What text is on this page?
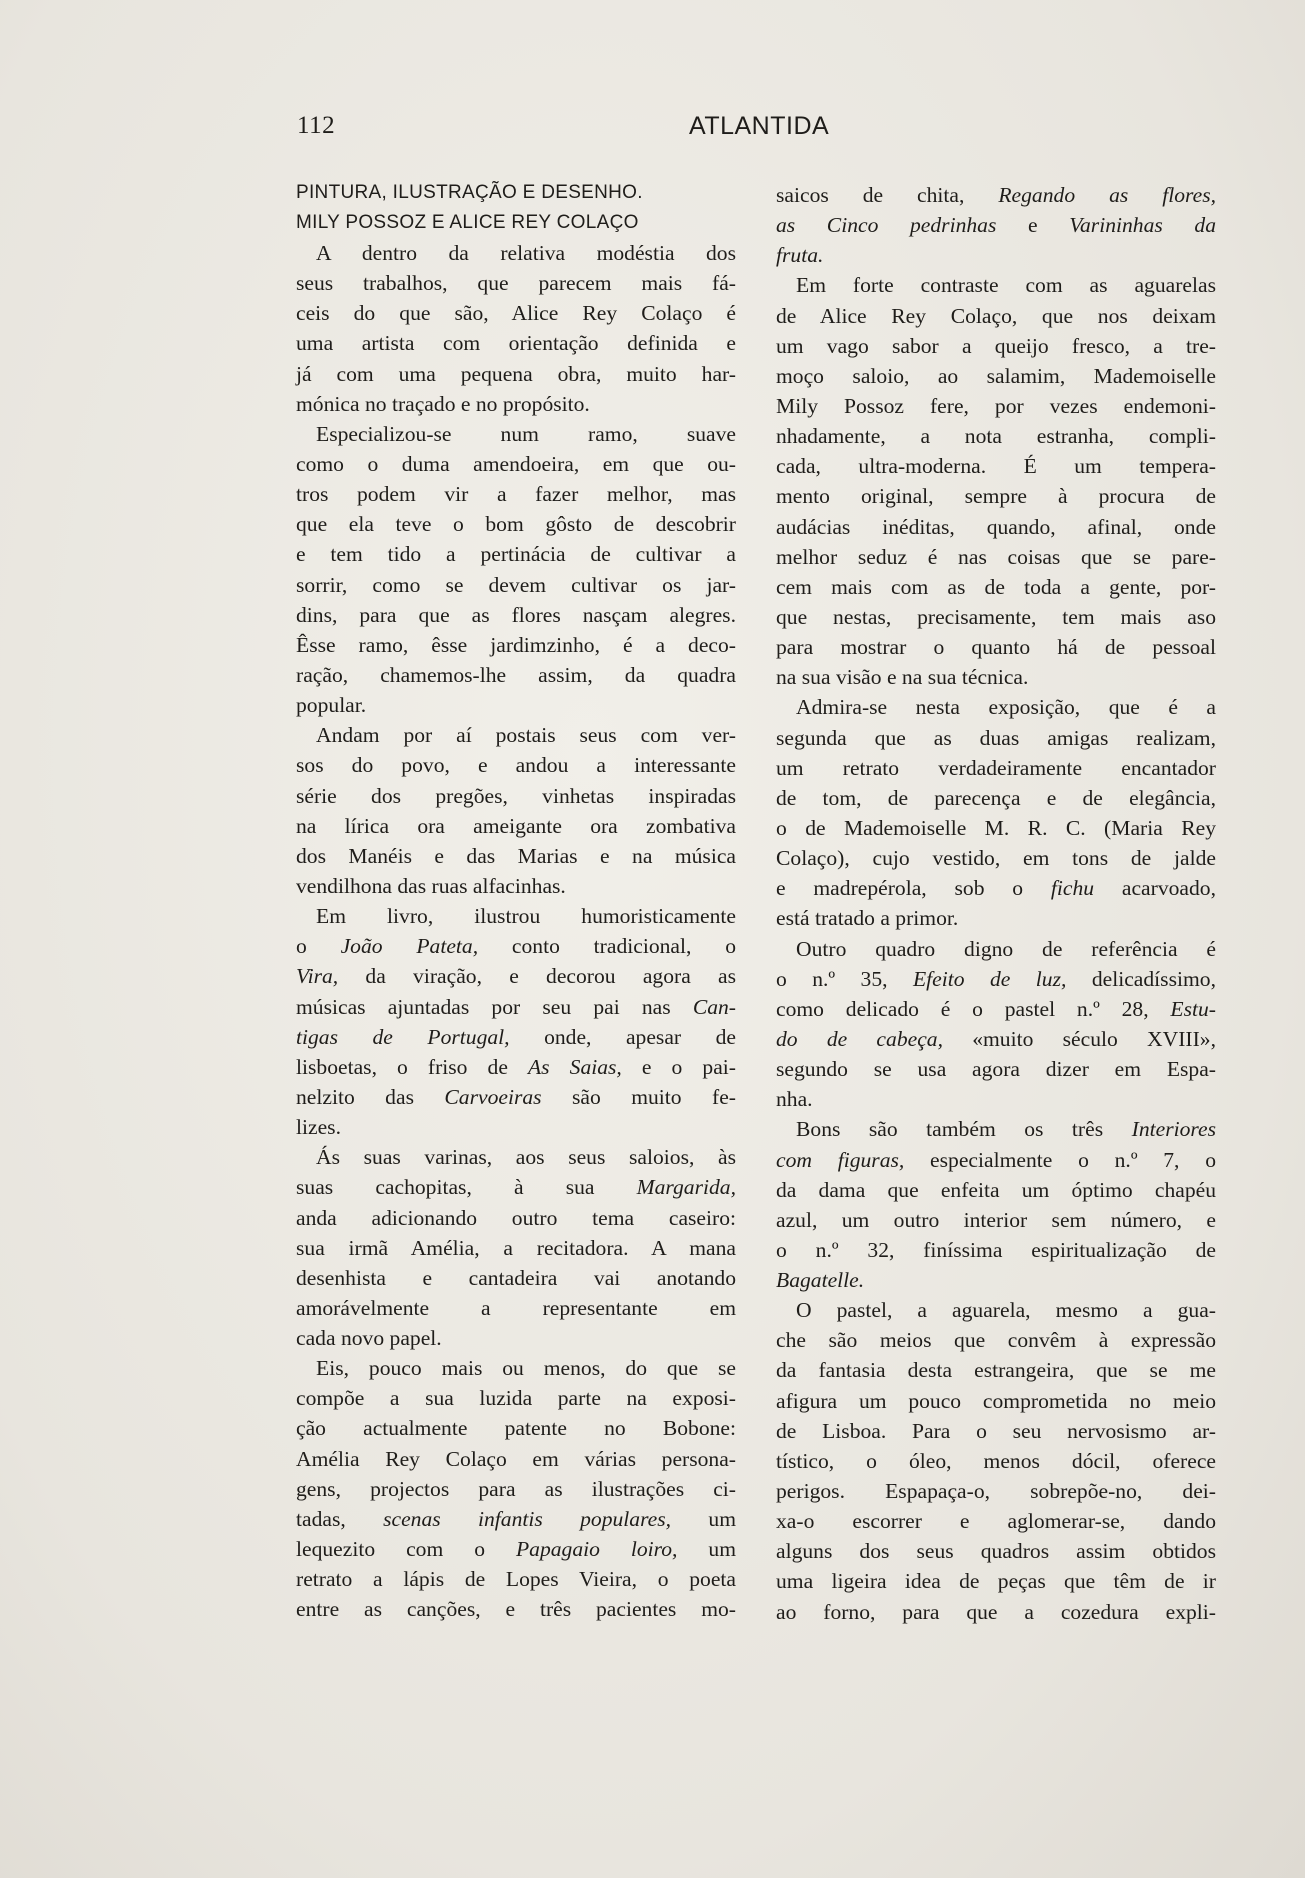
112	ATLANTIDA
PINTURA, ILUSTRAÇÃO E DESENHO.
MILY POSSOZ E ALICE REY COLAÇO
A dentro da relativa modéstia dos
seus trabalhos, que parecem mais fá-
ceis do que são, Alice Rey Colaço é
uma artista com orientação definida e
já com uma pequena obra, muito har-
mónica no traçado e no propósito.
Especializou-se num ramo, suave
como o duma amendoeira, em que ou-
tros podem vir a fazer melhor, mas
que ela teve o bom gôsto de descobrir
e tem tido a pertinácia de cultivar a
sorrir, como se devem cultivar os jar-
dins, para que as flores nasçam alegres.
Êsse ramo, êsse jardimzinho, é a deco-
ração, chamemos-lhe assim, da quadra
popular.
Andam por aí postais seus com ver-
sos do povo, e andou a interessante
série dos pregões, vinhetas inspiradas
na lírica ora ameigante ora zombativa
dos Manéis e das Marias e na música
vendilhona das ruas alfacinhas.
Em livro, ilustrou humoristicamente
o João Pateta, conto tradicional, o
Vira, da viração, e decorou agora as
músicas ajuntadas por seu pai nas Can-
tigas de Portugal, onde, apesar de
lisboetas, o friso de As Saias, e o pai-
nelzito das Carvoeiras são muito fe-
lizes.
Ás suas varinas, aos seus saloios, às
suas cachopitas, à sua Margarida,
anda adicionando outro tema caseiro:
sua irmã Amélia, a recitadora. A mana
desenhista e cantadeira vai anotando
amorávelmente a representante em
cada novo papel.
Eis, pouco mais ou menos, do que se
compõe a sua luzida parte na exposi-
ção actualmente patente no Bobone:
Amélia Rey Colaço em várias persona-
gens, projectos para as ilustrações ci-
tadas, scenas infantis populares, um
lequezito com o Papagaio loiro, um
retrato a lápis de Lopes Vieira, o poeta
entre as canções, e três pacientes mo-
saicos de chita, Regando as flores,
as Cinco pedrinhas e Varininhas da
fruta.
Em forte contraste com as aguarelas
de Alice Rey Colaço, que nos deixam
um vago sabor a queijo fresco, a tre-
moço saloio, ao salamim, Mademoiselle
Mily Possoz fere, por vezes endemoni-
nhadamente, a nota estranha, compli-
cada, ultra-moderna. É um tempera-
mento original, sempre à procura de
audácias inéditas, quando, afinal, onde
melhor seduz é nas coisas que se pare-
cem mais com as de toda a gente, por-
que nestas, precisamente, tem mais aso
para mostrar o quanto há de pessoal
na sua visão e na sua técnica.
Admira-se nesta exposição, que é a
segunda que as duas amigas realizam,
um retrato verdadeiramente encantador
de tom, de parecença e de elegância,
o de Mademoiselle M. R. C. (Maria Rey
Colaço), cujo vestido, em tons de jalde
e madrepérola, sob o fichu acarvoado,
está tratado a primor.
Outro quadro digno de referência é
o n.º 35, Efeito de luz, delicadíssimo,
como delicado é o pastel n.º 28, Estu-
do de cabeça, «muito século XVIII»,
segundo se usa agora dizer em Espa-
nha.
Bons são também os três Interiores
com figuras, especialmente o n.º 7, o
da dama que enfeita um óptimo chapéu
azul, um outro interior sem número, e
o n.º 32, finíssima espiritualização de
Bagatelle.
O pastel, a aguarela, mesmo a gua-
che são meios que convêm à expressão
da fantasia desta estrangeira, que se me
afigura um pouco comprometida no meio
de Lisboa. Para o seu nervosismo ar-
tístico, o óleo, menos dócil, oferece
perigos. Espapaça-o, sobrepõe-no, dei-
xa-o escorrer e aglomerar-se, dando
alguns dos seus quadros assim obtidos
uma ligeira idea de peças que têm de ir
ao forno, para que a cozedura expli-
